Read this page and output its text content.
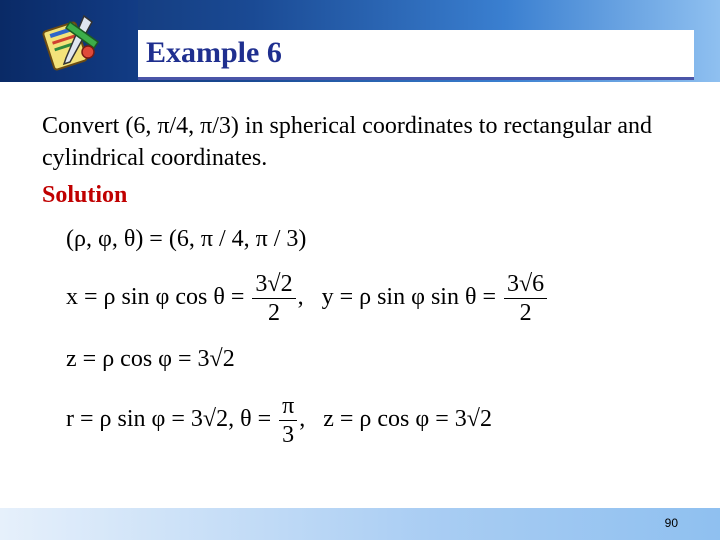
Example 6
Convert (6, π/4, π/3) in spherical coordinates to rectangular and cylindrical coordinates.
Solution
(ρ, φ, θ) = (6, π / 4, π / 3)
x = ρ sin φ $\cos \theta = \frac{3√2}{2}$ ,   y = ρ sin φ $\sin \theta = \frac{3√6}{2}$
z = ρ cos φ = 3√2
r = ρ sin φ = 3√2, $\theta = \frac{\pi}{3}$ ,   z = ρ cos φ = 3√2
90
